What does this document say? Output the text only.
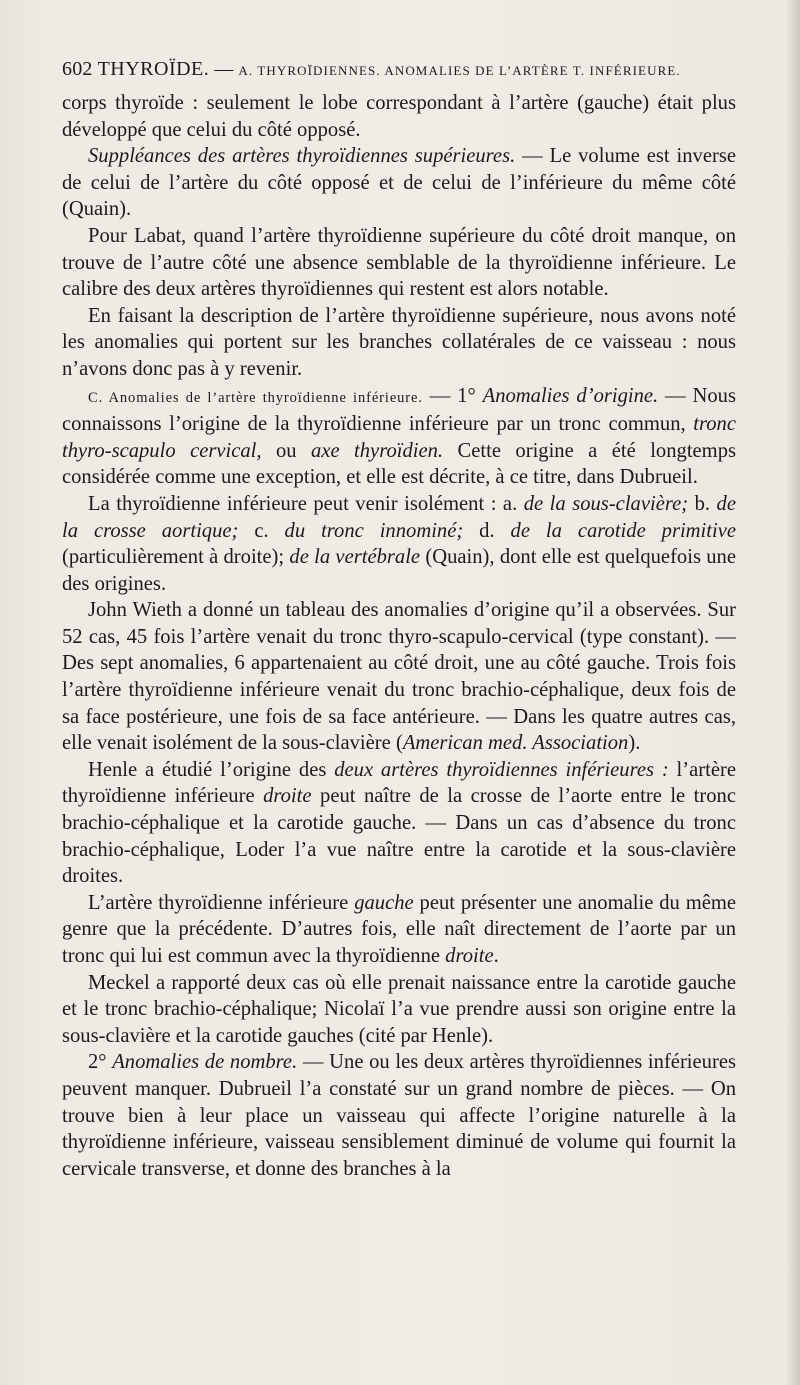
602 THYROÏDE. — A. THYROÏDIENNES. ANOMALIES DE L’ARTÈRE T. INFÉRIEURE.

corps thyroïde : seulement le lobe correspondant à l’artère (gauche) était plus développé que celui du côté opposé.

Suppléances des artères thyroïdiennes supérieures. — Le volume est inverse de celui de l’artère du côté opposé et de celui de l’inférieure du même côté (Quain).

Pour Labat, quand l’artère thyroïdienne supérieure du côté droit manque, on trouve de l’autre côté une absence semblable de la thyroïdienne inférieure. Le calibre des deux artères thyroïdiennes qui restent est alors notable.

En faisant la description de l’artère thyroïdienne supérieure, nous avons noté les anomalies qui portent sur les branches collatérales de ce vaisseau : nous n’avons donc pas à y revenir.

C. Anomalies de l’artère thyroïdienne inférieure. — 1° Anomalies d’origine. — Nous connaissons l’origine de la thyroïdienne inférieure par un tronc commun, tronc thyro-scapulo cervical, ou axe thyroïdien. Cette origine a été longtemps considérée comme une exception, et elle est décrite, à ce titre, dans Dubrueil.

La thyroïdienne inférieure peut venir isolément : a. de la sous-clavière; b. de la crosse aortique; c. du tronc innominé; d. de la carotide primitive (particulièrement à droite); de la vertébrale (Quain), dont elle est quelquefois une des origines.

John Wieth a donné un tableau des anomalies d’origine qu’il a observées. Sur 52 cas, 45 fois l’artère venait du tronc thyro-scapulo-cervical (type constant). — Des sept anomalies, 6 appartenaient au côté droit, une au côté gauche. Trois fois l’artère thyroïdienne inférieure venait du tronc brachio-céphalique, deux fois de sa face postérieure, une fois de sa face antérieure. — Dans les quatre autres cas, elle venait isolément de la sous-clavière (American med. Association).

Henle a étudié l’origine des deux artères thyroïdiennes inférieures : l’artère thyroïdienne inférieure droite peut naître de la crosse de l’aorte entre le tronc brachio-céphalique et la carotide gauche. — Dans un cas d’absence du tronc brachio-céphalique, Loder l’a vue naître entre la carotide et la sous-clavière droites.

L’artère thyroïdienne inférieure gauche peut présenter une anomalie du même genre que la précédente. D’autres fois, elle naît directement de l’aorte par un tronc qui lui est commun avec la thyroïdienne droite.

Meckel a rapporté deux cas où elle prenait naissance entre la carotide gauche et le tronc brachio-céphalique; Nicolaï l’a vue prendre aussi son origine entre la sous-clavière et la carotide gauches (cité par Henle).

2° Anomalies de nombre. — Une ou les deux artères thyroïdiennes inférieures peuvent manquer. Dubrueil l’a constaté sur un grand nombre de pièces. — On trouve bien à leur place un vaisseau qui affecte l’origine naturelle à la thyroïdienne inférieure, vaisseau sensiblement diminué de volume qui fournit la cervicale transverse, et donne des branches à la
